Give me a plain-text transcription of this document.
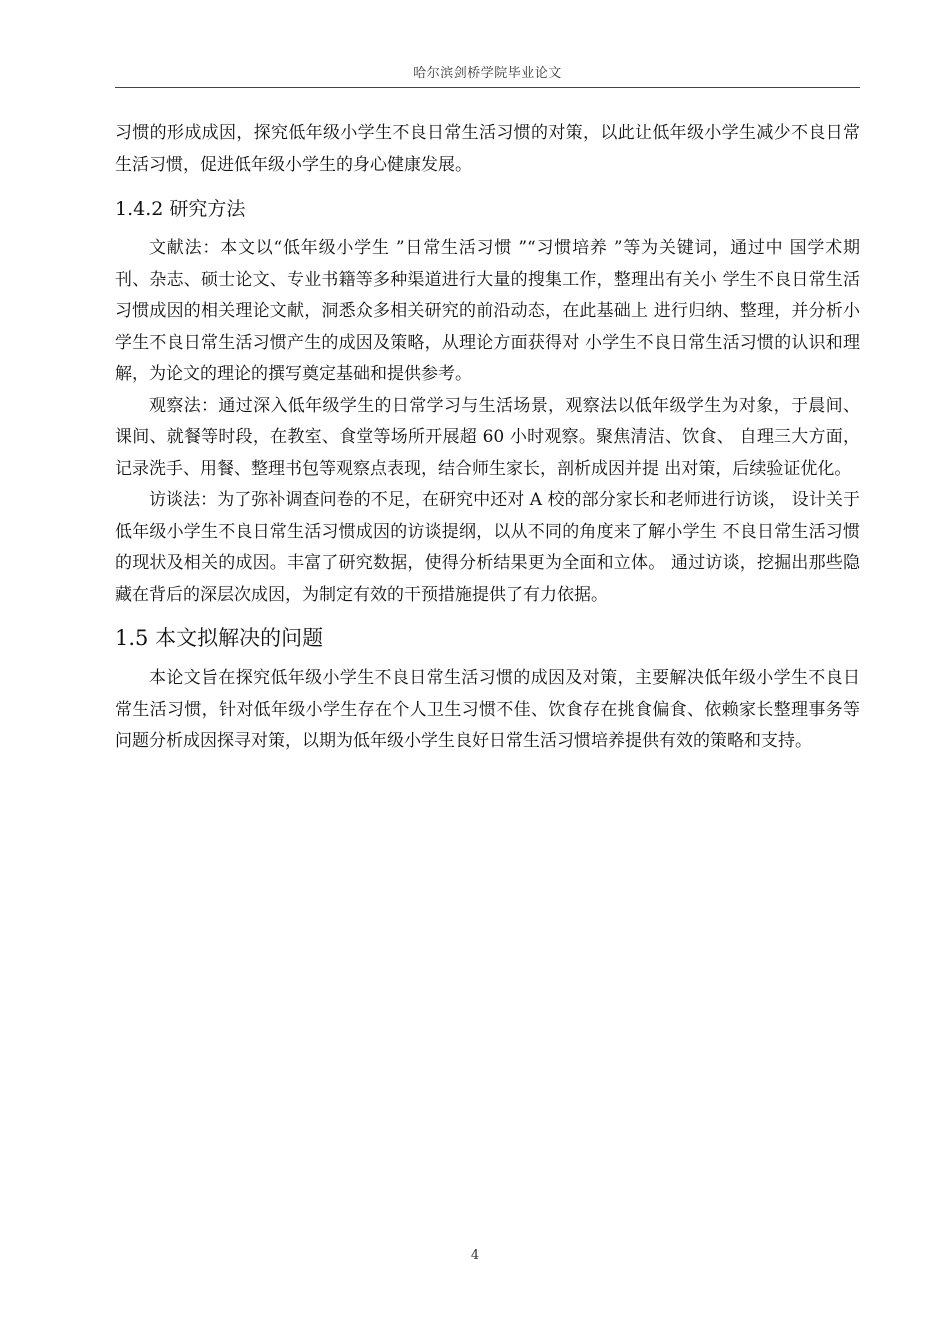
哈尔滨剑桥学院毕业论文

习惯的形成成因，探究低年级小学生不良日常生活习惯的对策，以此让低年级小学生减少不良日常生活习惯，促进低年级小学生的身心健康发展。

1.4.2 研究方法

文献法：本文以“低年级小学生 ”日常生活习惯 ”“习惯培养 ”等为关键词，通过中 国学术期刊、杂志、硕士论文、专业书籍等多种渠道进行大量的搜集工作，整理出有关小 学生不良日常生活习惯成因的相关理论文献，洞悉众多相关研究的前沿动态，在此基础上 进行归纳、整理，并分析小学生不良日常生活习惯产生的成因及策略，从理论方面获得对 小学生不良日常生活习惯的认识和理解，为论文的理论的撰写奠定基础和提供参考。

观察法：通过深入低年级学生的日常学习与生活场景，观察法以低年级学生为对象，于晨间、课间、就餐等时段，在教室、食堂等场所开展超 60 小时观察。聚焦清洁、饮食、 自理三大方面，记录洗手、用餐、整理书包等观察点表现，结合师生家长，剖析成因并提 出对策，后续验证优化。

访谈法：为了弥补调查问卷的不足，在研究中还对 A 校的部分家长和老师进行访谈， 设计关于低年级小学生不良日常生活习惯成因的访谈提纲，以从不同的角度来了解小学生 不良日常生活习惯的现状及相关的成因。丰富了研究数据，使得分析结果更为全面和立体。 通过访谈，挖掘出那些隐藏在背后的深层次成因，为制定有效的干预措施提供了有力依据。

1.5 本文拟解决的问题

本论文旨在探究低年级小学生不良日常生活习惯的成因及对策，主要解决低年级小学生不良日常生活习惯，针对低年级小学生存在个人卫生习惯不佳、饮食存在挑食偏食、依赖家长整理事务等问题分析成因探寻对策，以期为低年级小学生良好日常生活习惯培养提供有效的策略和支持。

4
